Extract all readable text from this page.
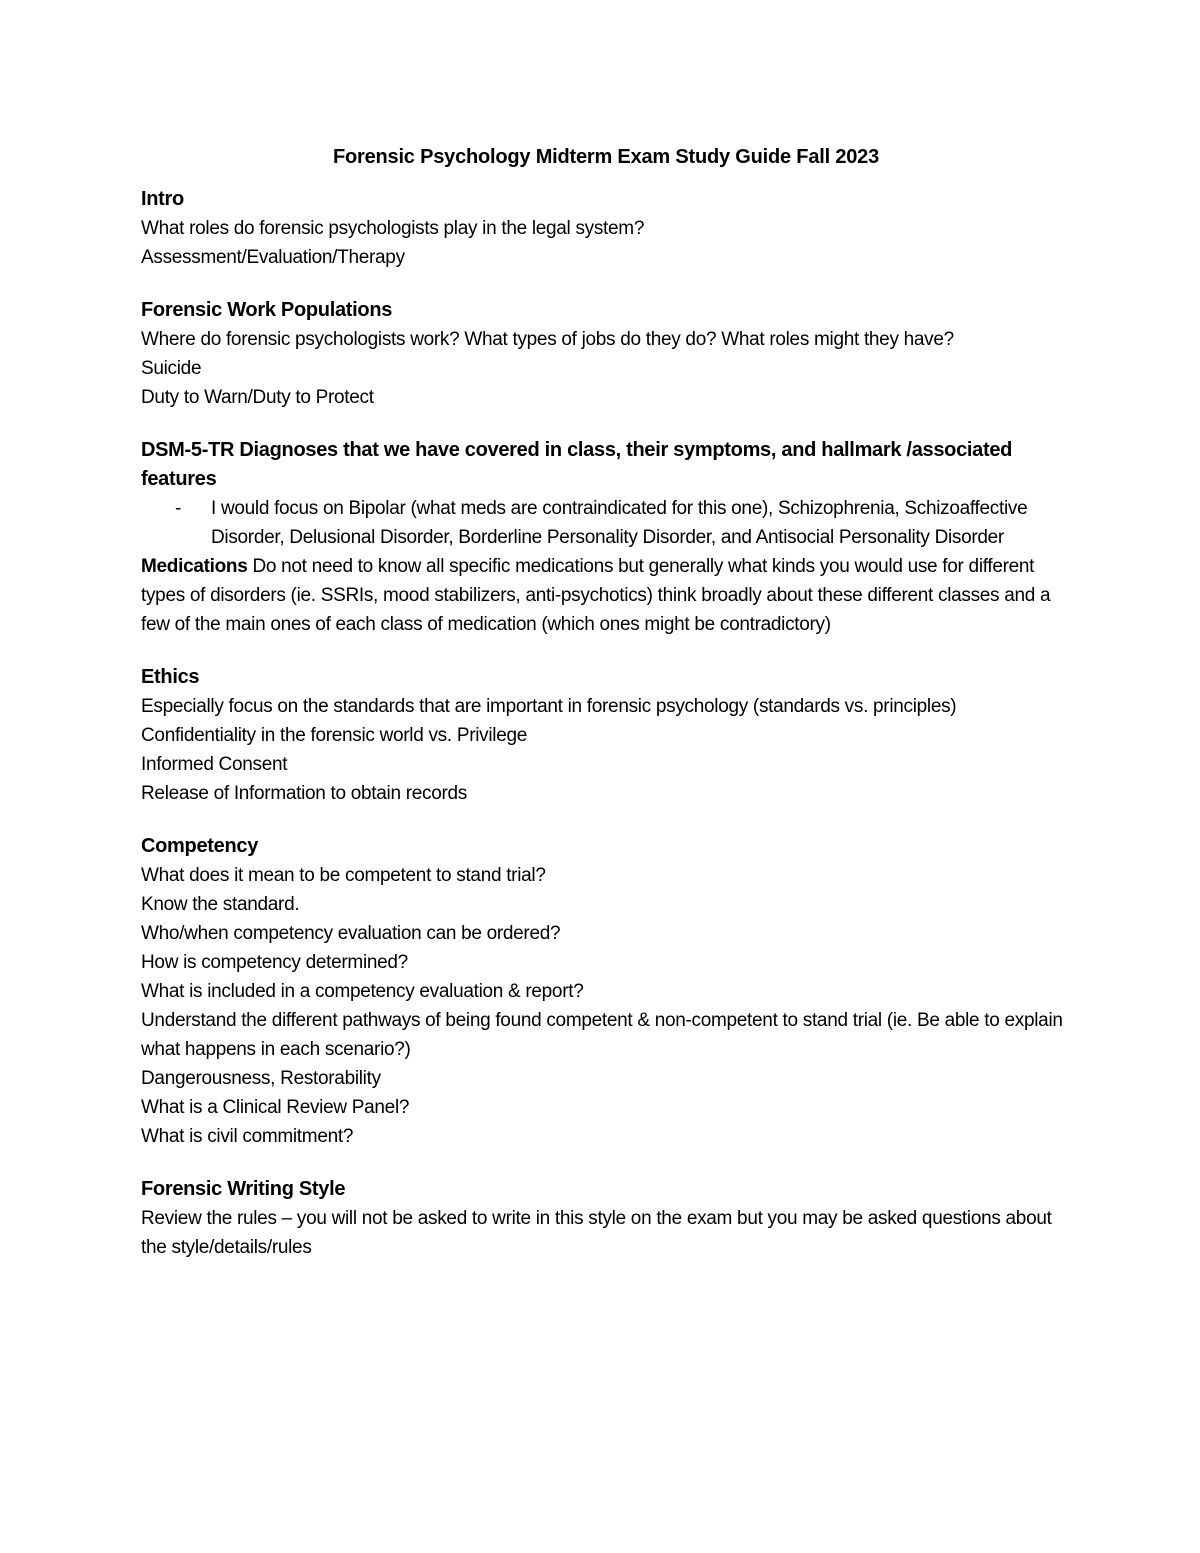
Forensic Psychology Midterm Exam Study Guide Fall 2023
Intro
What roles do forensic psychologists play in the legal system?
Assessment/Evaluation/Therapy
Forensic Work Populations
Where do forensic psychologists work? What types of jobs do they do? What roles might they have?
Suicide
Duty to Warn/Duty to Protect
DSM-5-TR Diagnoses that we have covered in class, their symptoms, and hallmark /associated features
- I would focus on Bipolar (what meds are contraindicated for this one), Schizophrenia, Schizoaffective Disorder, Delusional Disorder, Borderline Personality Disorder, and Antisocial Personality Disorder
Medications Do not need to know all specific medications but generally what kinds you would use for different types of disorders (ie. SSRIs, mood stabilizers, anti-psychotics) think broadly about these different classes and a few of the main ones of each class of medication (which ones might be contradictory)
Ethics
Especially focus on the standards that are important in forensic psychology (standards vs. principles)
Confidentiality in the forensic world vs. Privilege
Informed Consent
Release of Information to obtain records
Competency
What does it mean to be competent to stand trial?
Know the standard.
Who/when competency evaluation can be ordered?
How is competency determined?
What is included in a competency evaluation & report?
Understand the different pathways of being found competent & non-competent to stand trial (ie. Be able to explain what happens in each scenario?)
Dangerousness, Restorability
What is a Clinical Review Panel?
What is civil commitment?
Forensic Writing Style
Review the rules – you will not be asked to write in this style on the exam but you may be asked questions about the style/details/rules
